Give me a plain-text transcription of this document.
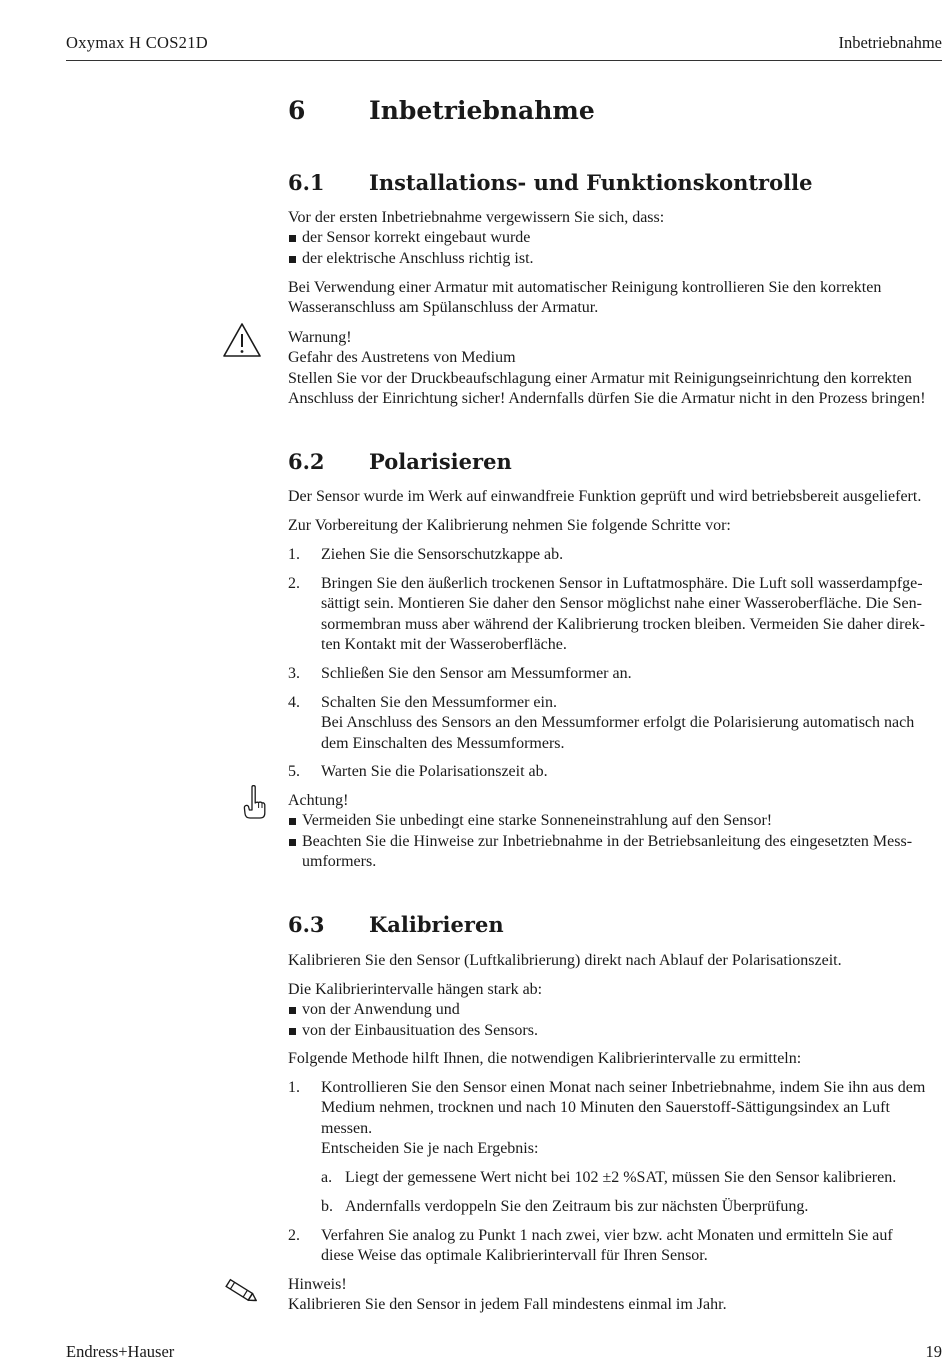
Oxymax H COS21D	Inbetriebnahme
6	Inbetriebnahme
6.1 Installations- und Funktionskontrolle
Vor der ersten Inbetriebnahme vergewissern Sie sich, dass:
der Sensor korrekt eingebaut wurde
der elektrische Anschluss richtig ist.
Bei Verwendung einer Armatur mit automatischer Reinigung kontrollieren Sie den korrekten
Wasseranschluss am Spülanschluss der Armatur.
Warnung!
Gefahr des Austretens von Medium
Stellen Sie vor der Druckbeaufschlagung einer Armatur mit Reinigungseinrichtung den korrekten
Anschluss der Einrichtung sicher! Andernfalls dürfen Sie die Armatur nicht in den Prozess bringen!
6.2 Polarisieren
Der Sensor wurde im Werk auf einwandfreie Funktion geprüft und wird betriebsbereit ausgeliefert.
Zur Vorbereitung der Kalibrierung nehmen Sie folgende Schritte vor:
1. Ziehen Sie die Sensorschutzkappe ab.
2. Bringen Sie den äußerlich trockenen Sensor in Luftatmosphäre. Die Luft soll wasserdampfge-
sättigt sein. Montieren Sie daher den Sensor möglichst nahe einer Wasseroberfläche. Die Sen-
sormembran muss aber während der Kalibrierung trocken bleiben. Vermeiden Sie daher direk-
ten Kontakt mit der Wasseroberfläche.
3. Schließen Sie den Sensor am Messumformer an.
4. Schalten Sie den Messumformer ein.
Bei Anschluss des Sensors an den Messumformer erfolgt die Polarisierung automatisch nach
dem Einschalten des Messumformers.
5. Warten Sie die Polarisationszeit ab.
Achtung!
Vermeiden Sie unbedingt eine starke Sonneneinstrahlung auf den Sensor!
Beachten Sie die Hinweise zur Inbetriebnahme in der Betriebsanleitung des eingesetzten Mess-
umformers.
6.3 Kalibrieren
Kalibrieren Sie den Sensor (Luftkalibrierung) direkt nach Ablauf der Polarisationszeit.
Die Kalibrierintervalle hängen stark ab:
von der Anwendung und
von der Einbausituation des Sensors.
Folgende Methode hilft Ihnen, die notwendigen Kalibrierintervalle zu ermitteln:
1. Kontrollieren Sie den Sensor einen Monat nach seiner Inbetriebnahme, indem Sie ihn aus dem
Medium nehmen, trocknen und nach 10 Minuten den Sauerstoff-Sättigungsindex an Luft
messen.
Entscheiden Sie je nach Ergebnis:
a. Liegt der gemessene Wert nicht bei 102 ±2 %SAT, müssen Sie den Sensor kalibrieren.
b. Andernfalls verdoppeln Sie den Zeitraum bis zur nächsten Überprüfung.
2. Verfahren Sie analog zu Punkt 1 nach zwei, vier bzw. acht Monaten und ermitteln Sie auf
diese Weise das optimale Kalibrierintervall für Ihren Sensor.
Hinweis!
Kalibrieren Sie den Sensor in jedem Fall mindestens einmal im Jahr.
Endress+Hauser	19
